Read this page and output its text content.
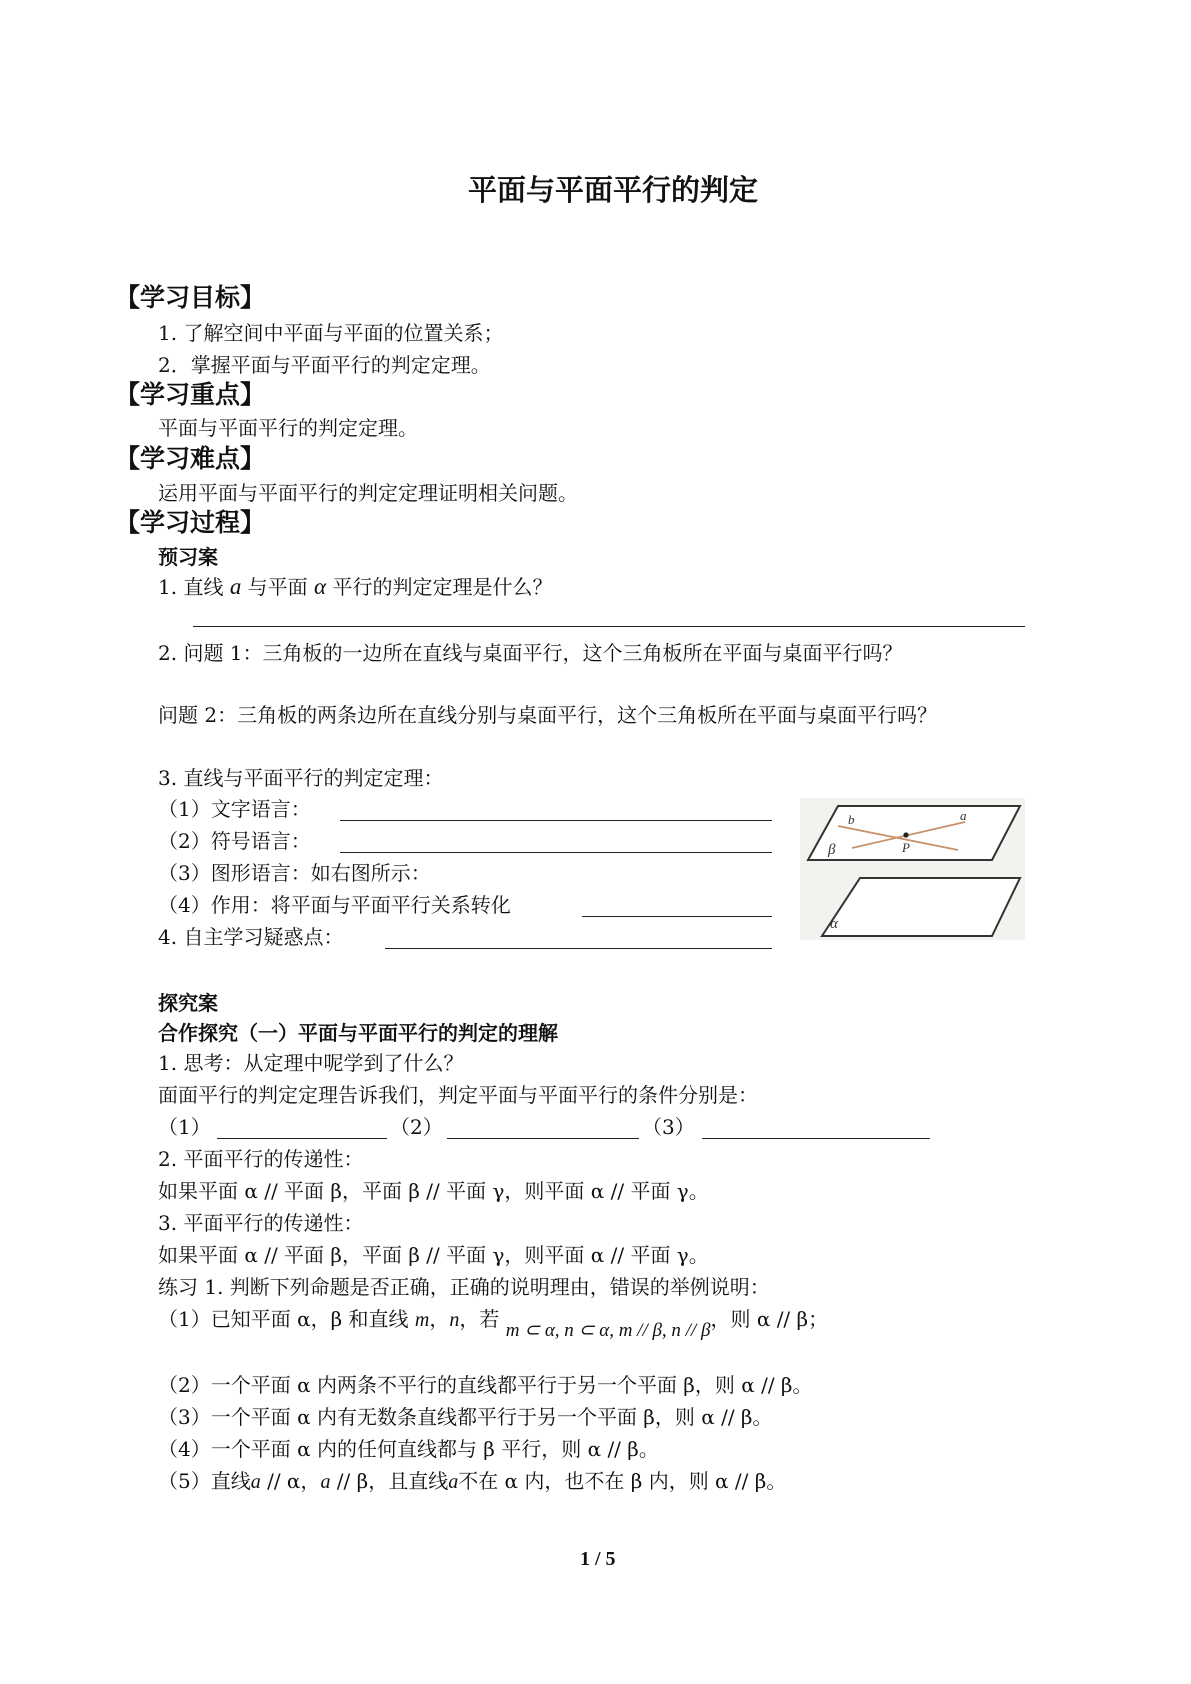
平面与平面平行的判定
【学习目标】
1. 了解空间中平面与平面的位置关系；
2．掌握平面与平面平行的判定定理。
【学习重点】
平面与平面平行的判定定理。
【学习难点】
运用平面与平面平行的判定定理证明相关问题。
【学习过程】
预习案
1. 直线 a 与平面 α 平行的判定定理是什么？
2. 问题 1：三角板的一边所在直线与桌面平行，这个三角板所在平面与桌面平行吗？
问题 2：三角板的两条边所在直线分别与桌面平行，这个三角板所在平面与桌面平行吗？
3. 直线与平面平行的判定定理：
（1）文字语言：
（2）符号语言：
（3）图形语言：如右图所示：
（4）作用：将平面与平面平行关系转化
4. 自主学习疑惑点：
b	a
P
β
α
探究案
合作探究（一）平面与平面平行的判定的理解
1. 思考：从定理中呢学到了什么？
面面平行的判定定理告诉我们，判定平面与平面平行的条件分别是：
（1）	（2）	（3）
2. 平面平行的传递性：
如果平面 α // 平面 β，平面 β // 平面 γ，则平面 α // 平面 γ。
3. 平面平行的传递性：
如果平面 α // 平面 β，平面 β // 平面 γ，则平面 α // 平面 γ。
练习 1. 判断下列命题是否正确，正确的说明理由，错误的举例说明：
（1）已知平面 α，β 和直线 m，n，若 m ⊂ α, n ⊂ α, m // β, n // β，则 α // β；
（2）一个平面 α 内两条不平行的直线都平行于另一个平面 β，则 α // β。
（3）一个平面 α 内有无数条直线都平行于另一个平面 β，则 α // β。
（4）一个平面 α 内的任何直线都与 β 平行，则 α // β。
（5）直线a // α，a // β，且直线a不在 α 内，也不在 β 内，则 α // β。
1 / 5
